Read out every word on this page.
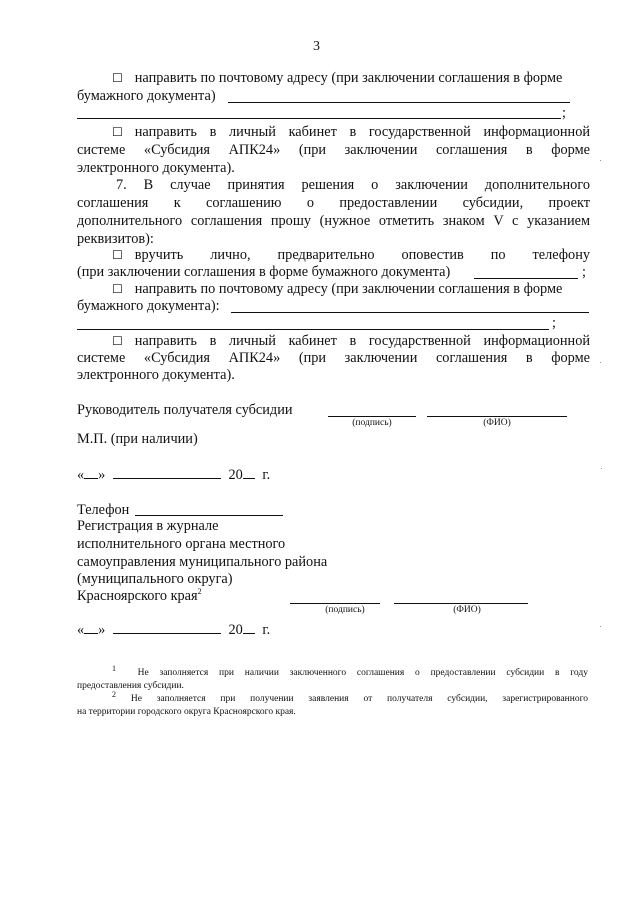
3
☐ направить по почтовому адресу (при заключении соглашения в форме
бумажного документа)
;
☐ направить в личный кабинет в государственной информационной
системе «Субсидия АПК24» (при заключении соглашения в форме
электронного документа).
7. В случае принятия решения о заключении дополнительного
соглашения к соглашению о предоставлении субсидии, проект
дополнительного соглашения прошу (нужное отметить знаком V с указанием
реквизитов):
☐ вручить лично, предварительно оповестив по телефону
(при заключении соглашения в форме бумажного документа)	;
☐ направить по почтовому адресу (при заключении соглашения в форме
бумажного документа):
;
☐ направить в личный кабинет в государственной информационной
системе «Субсидия АПК24» (при заключении соглашения в форме
электронного документа).
Руководитель получателя субсидии
(подпись)	(ФИО)
М.П. (при наличии)
« »	20 г.
Телефон
Регистрация в журнале
исполнительного органа местного
самоуправления муниципального района
(муниципального округа)
Красноярского края$^2$
(подпись)	(ФИО)
« »	20 г.
$^1$ Не заполняется при наличии заключенного соглашения о предоставлении субсидии в году
предоставления субсидии.
$^2$ Не заполняется при получении заявления от получателя субсидии, зарегистрированного
на территории городского округа Красноярского края.
